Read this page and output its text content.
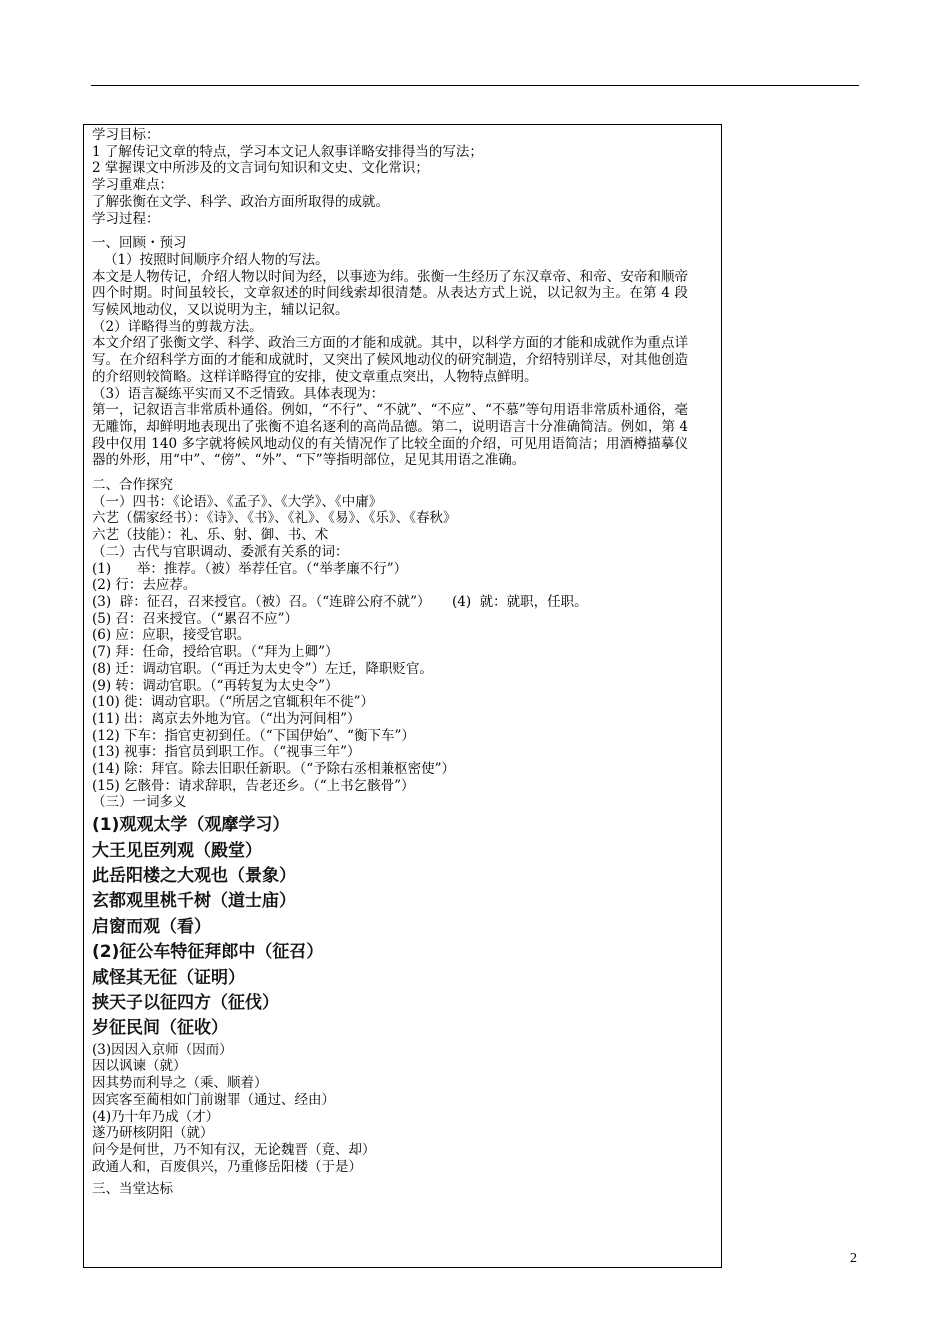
学习目标：
1 了解传记文章的特点，学习本文记人叙事详略安排得当的写法；
2 掌握课文中所涉及的文言词句知识和文史、文化常识；
学习重难点：
了解张衡在文学、科学、政治方面所取得的成就。
学习过程：
一、回顾・预习
（1）按照时间顺序介绍人物的写法。
本文是人物传记，介绍人物以时间为经，以事迹为纬。张衡一生经历了东汉章帝、和帝、安帝和顺帝四个时期。时间虽较长，文章叙述的时间线索却很清楚。从表达方式上说，以记叙为主。在第 4 段写候风地动仪，又以说明为主，辅以记叙。
（2）详略得当的剪裁方法。
本文介绍了张衡文学、科学、政治三方面的才能和成就。其中，以科学方面的才能和成就作为重点详写。在介绍科学方面的才能和成就时，又突出了候风地动仪的研究制造，介绍特别详尽，对其他创造的介绍则较简略。这样详略得宜的安排，使文章重点突出，人物特点鲜明。
（3）语言凝练平实而又不乏情致。具体表现为：
第一，记叙语言非常质朴通俗。例如，“不行”、“不就”、“不应”、“不慕”等句用语非常质朴通俗，毫无雕饰，却鲜明地表现出了张衡不追名逐利的高尚品德。第二，说明语言十分准确简洁。例如，第 4 段中仅用 140 多字就将候风地动仪的有关情况作了比较全面的介绍，可见用语简洁；用酒樽描摹仪器的外形，用“中”、“傍”、“外”、“下”等指明部位，足见其用语之准确。
二、合作探究
（一）四书：《论语》、《孟子》、《大学》、《中庸》
六艺（儒家经书）：《诗》、《书》、《礼》、《易》、《乐》、《春秋》
六艺（技能）：礼、乐、射、御、书、术
（二）古代与官职调动、委派有关系的词：
(1)      举：推荐。（被）举荐任官。（“举孝廉不行”）
(2) 行：去应荐。
(3)  辟：征召，召来授官。（被）召。（“连辟公府不就”）     (4)  就：就职，任职。
(5) 召：召来授官。（“累召不应”）
(6) 应：应职，接受官职。
(7) 拜：任命，授给官职。（“拜为上卿”）
(8) 迁：调动官职。（“再迁为太史令”）左迁，降职贬官。
(9) 转：调动官职。（“再转复为太史令”）
(10) 徙：调动官职。（“所居之官辄积年不徙”）
(11) 出：离京去外地为官。（“出为河间相”）
(12) 下车：指官吏初到任。（“下国伊始”、“衡下车”）
(13) 视事：指官员到职工作。（“视事三年”）
(14) 除：拜官。除去旧职任新职。（“予除右丞相兼枢密使”）
(15) 乞骸骨：请求辞职，告老还乡。（“上书乞骸骨”）
（三）一词多义
(1)观观太学（观摩学习）
大王见臣列观（殿堂）
此岳阳楼之大观也（景象）
玄都观里桃千树（道士庙）
启窗而观（看）
(2)征公车特征拜郎中（征召）
咸怪其无征（证明）
挟天子以征四方（征伐）
岁征民间（征收）
(3)因因入京师（因而）
因以讽谏（就）
因其势而利导之（乘、顺着）
因宾客至蔺相如门前谢罪（通过、经由）
(4)乃十年乃成（才）
遂乃研核阴阳（就）
问今是何世，乃不知有汉，无论魏晋（竟、却）
政通人和，百废俱兴，乃重修岳阳楼（于是）
三、当堂达标
2
